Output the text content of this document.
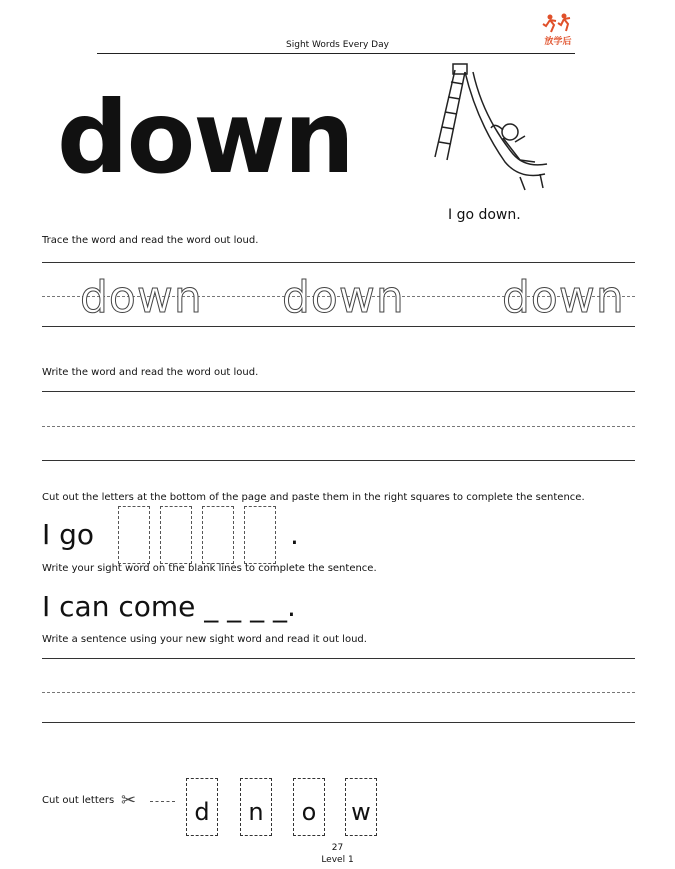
Sight Words Every Day	放学后
down
I go down.
Trace the word and read the word out loud.
down down down
Write the word and read the word out loud.
Cut out the letters at the bottom of the page and paste them in the right squares to complete the sentence.
I go	.
Write your sight word on the blank lines to complete the sentence.
I can come _ _ _ _.
Write a sentence using your new sight word and read it out loud.
Cut out letters ✂	d	n	o	w
27
Level 1
